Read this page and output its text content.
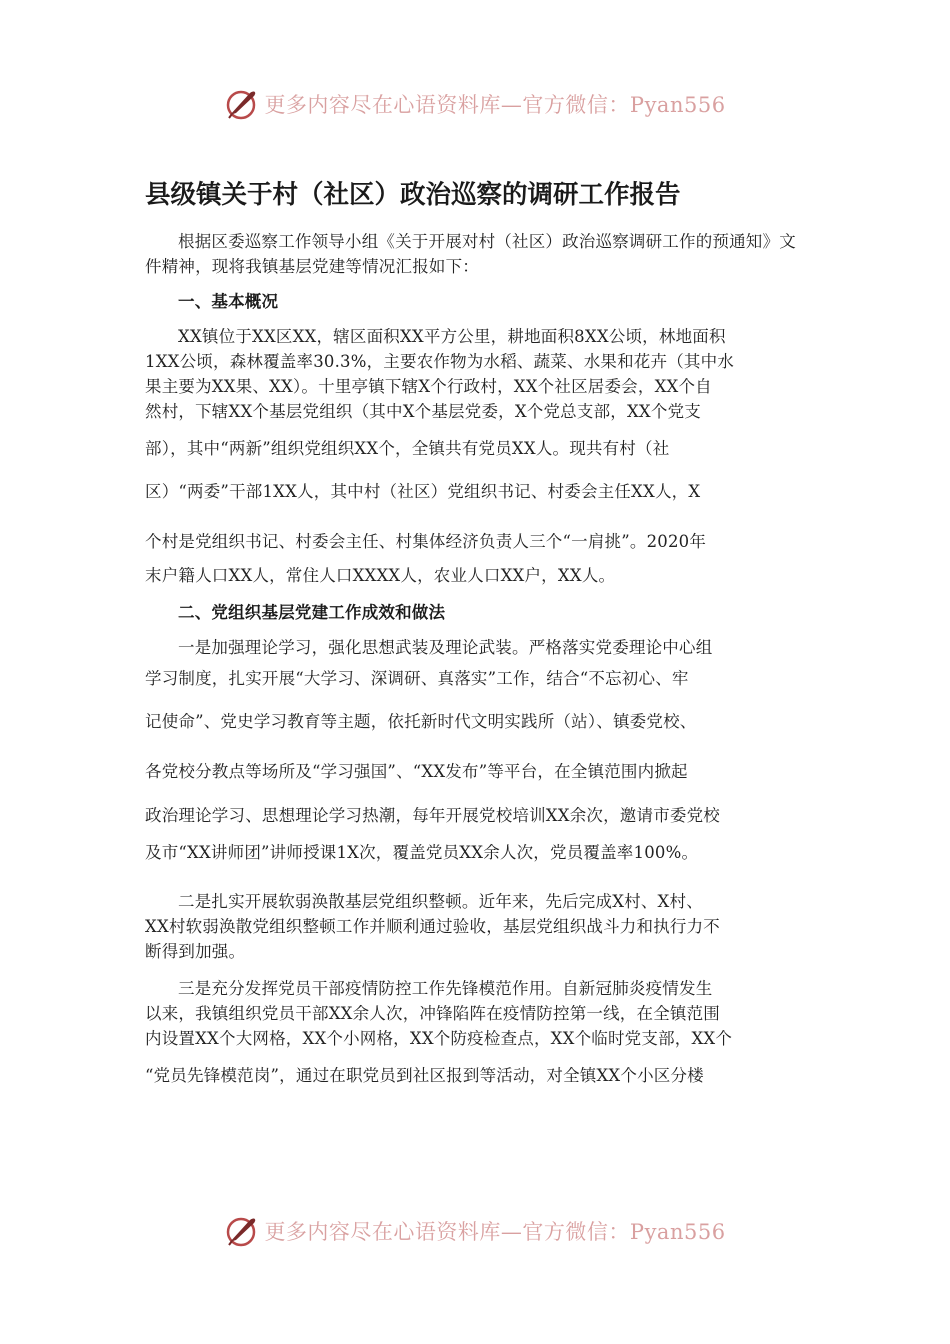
更多内容尽在心语资料库—官方微信：Pyan556
县级镇关于村（社区）政治巡察的调研工作报告

根据区委巡察工作领导小组《关于开展对村（社区）政治巡察调研工作的预通知》文件精神，现将我镇基层党建等情况汇报如下：

一、基本概况

XX镇位于XX区XX，辖区面积XX平方公里，耕地面积8XX公顷，林地面积

1XX公顷，森林覆盖率30.3%，主要农作物为水稻、蔬菜、水果和花卉（其中水

果主要为XX果、XX）。十里亭镇下辖X个行政村，XX个社区居委会，XX个自

然村，下辖XX个基层党组织（其中X个基层党委，X个党总支部，XX个党支

部），其中“两新”组织党组织XX个，全镇共有党员XX人。现共有村（社

区）“两委”干部1XX人，其中村（社区）党组织书记、村委会主任XX人，X

个村是党组织书记、村委会主任、村集体经济负责人三个“一肩挑”。2020年

末户籍人口XX人，常住人口XXXX人，农业人口XX户，XX人。

二、党组织基层党建工作成效和做法

一是加强理论学习，强化思想武装及理论武装。严格落实党委理论中心组

学习制度，扎实开展“大学习、深调研、真落实”工作，结合“不忘初心、牢

记使命”、党史学习教育等主题，依托新时代文明实践所（站）、镇委党校、

各党校分教点等场所及“学习强国”、“XX发布”等平台，在全镇范围内掀起

政治理论学习、思想理论学习热潮，每年开展党校培训XX余次，邀请市委党校

及市“XX讲师团”讲师授课1X次，覆盖党员XX余人次，党员覆盖率100%。

二是扎实开展软弱涣散基层党组织整顿。近年来，先后完成X村、X村、

XX村软弱涣散党组织整顿工作并顺利通过验收，基层党组织战斗力和执行力不

断得到加强。

三是充分发挥党员干部疫情防控工作先锋模范作用。自新冠肺炎疫情发生

以来，我镇组织党员干部XX余人次，冲锋陷阵在疫情防控第一线，在全镇范围

内设置XX个大网格，XX个小网格，XX个防疫检查点，XX个临时党支部，XX个

“党员先锋模范岗”，通过在职党员到社区报到等活动，对全镇XX个小区分楼

更多内容尽在心语资料库—官方微信：Pyan556
